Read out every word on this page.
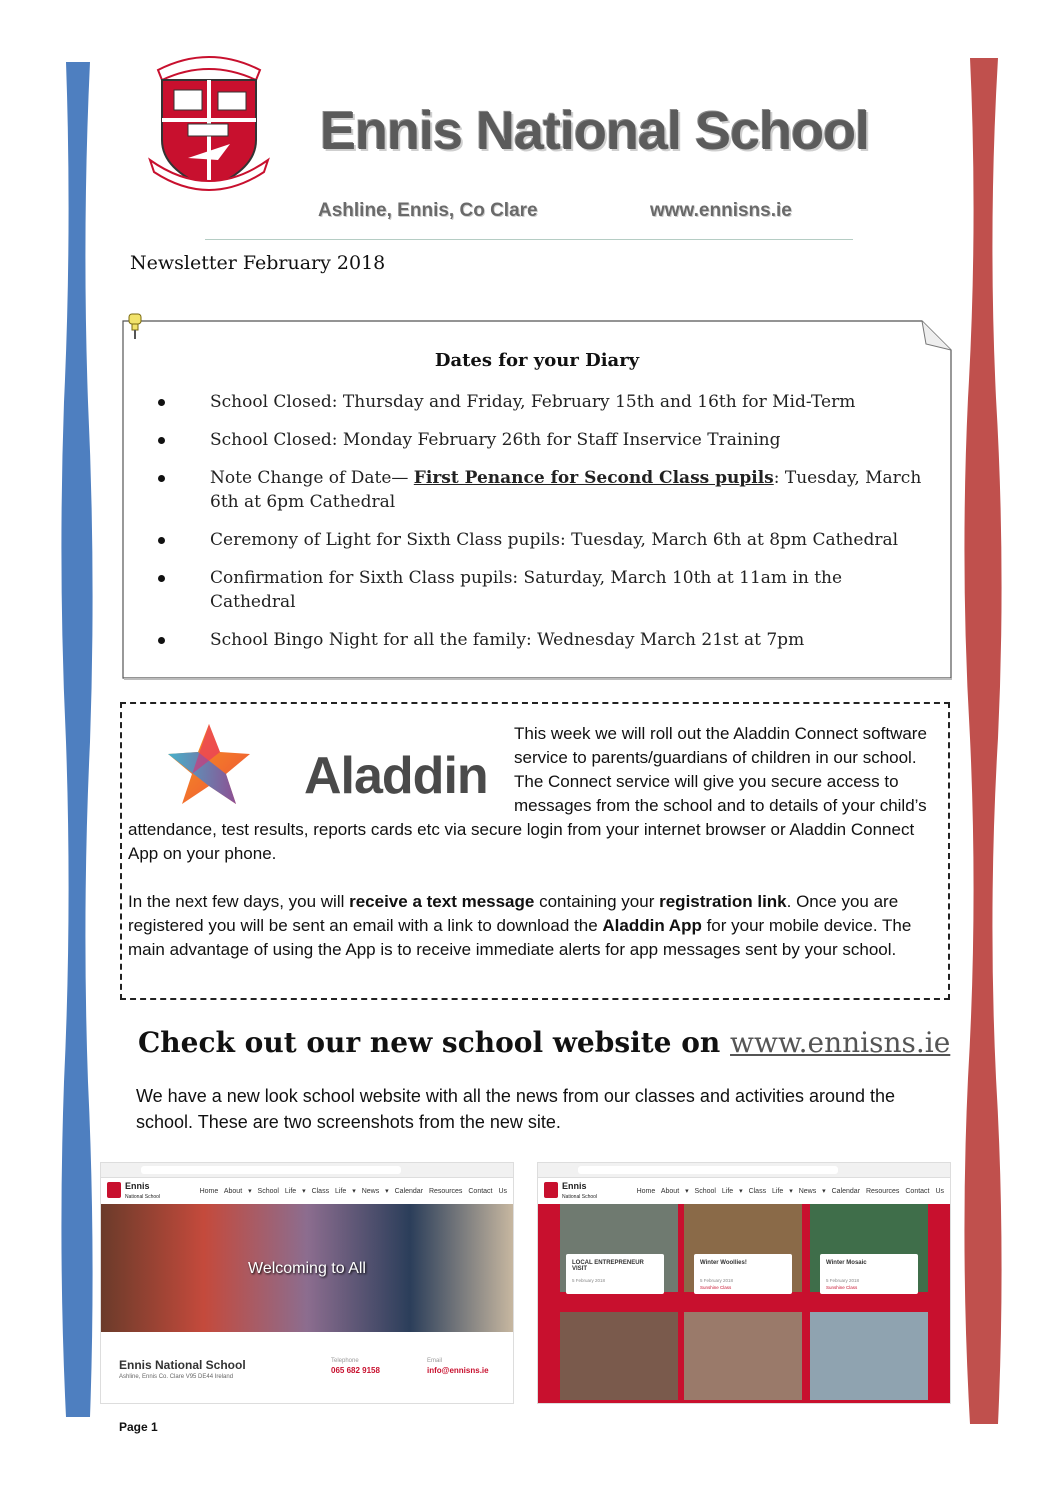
Ennis National School
Ashline, Ennis, Co Clare	www.ennisns.ie
Newsletter February 2018
Dates for your Diary
School Closed: Thursday and Friday, February 15th and 16th for Mid-Term
School Closed: Monday February 26th for Staff Inservice Training
Note Change of Date— First Penance for Second Class pupils: Tuesday, March 6th at 6pm Cathedral
Ceremony of Light for Sixth Class pupils: Tuesday, March 6th at 8pm Cathedral
Confirmation for Sixth Class pupils: Saturday, March 10th at 11am in the Cathedral
School Bingo Night for all the family: Wednesday March 21st at 7pm
Aladdin
This week we will roll out the Aladdin Connect software service to parents/guardians of children in our school. The Connect service will give you secure access to messages from the school and to details of your child’s attendance, test results, reports cards etc via secure login from your internet browser or Aladdin Connect App on your phone.
In the next few days, you will receive a text message containing your registration link. Once you are registered you will be sent an email with a link to download the Aladdin App for your mobile device. The main advantage of using the App is to receive immediate alerts for app messages sent by your school.
Check out our new school website on www.ennisns.ie
We have a new look school website with all the news from our classes and activities around the school. These are two screenshots from the new site.
Ennis
National School
Home About ▾ School Life ▾ Class Life ▾ News ▾ Calendar Resources Contact Us
Welcoming to All
Ennis National School
Ashline, Ennis Co. Clare V95 DE44 Ireland
Telephone
065 682 9158
Email
info@ennisns.ie
Ennis
National School
Home About ▾ School Life ▾ Class Life ▾ News ▾ Calendar Resources Contact Us
LOCAL ENTREPRENEUR VISIT
5 February 2018
Winter Woollies!
5 February 2018
Sunshine Class
Winter Mosaic
5 February 2018
Sunshine Class
Page 1
